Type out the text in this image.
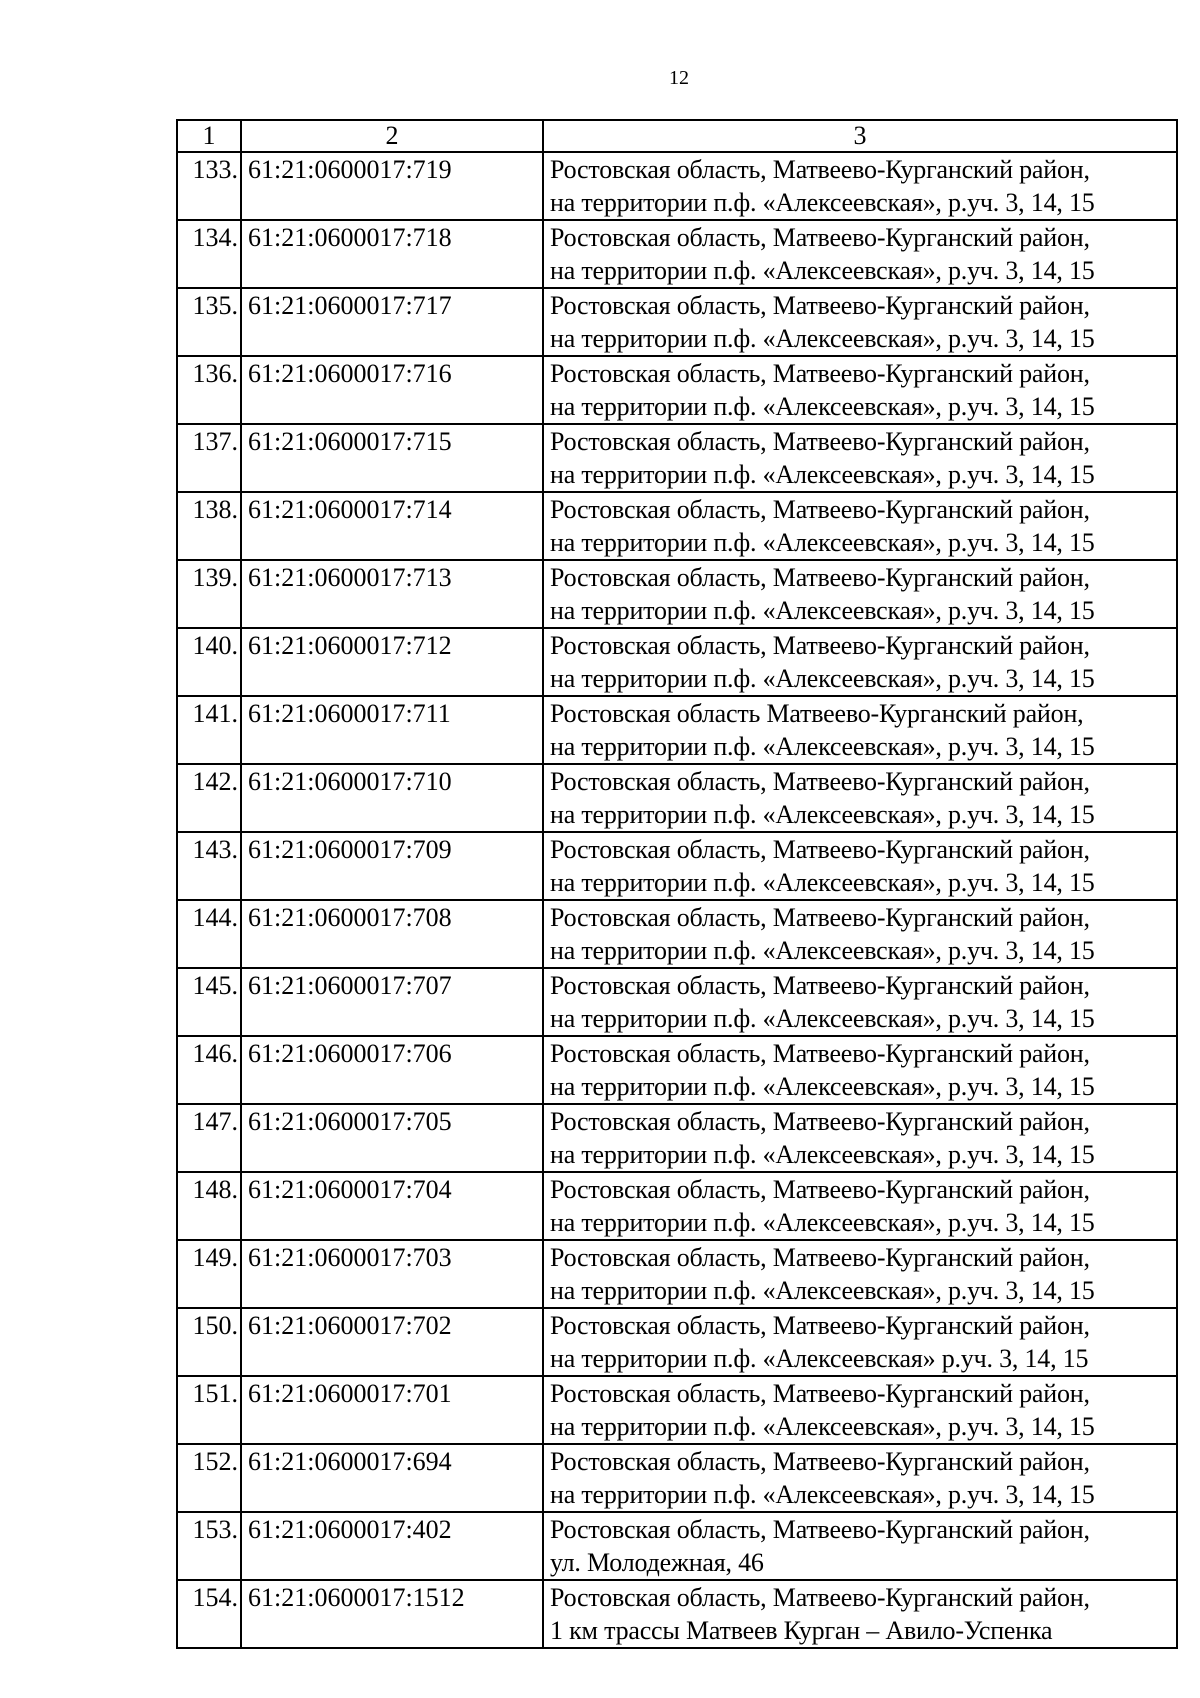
12
1	2	3
133.	61:21:0600017:719	Ростовская область, Матвеево-Курганский район,
на территории п.ф. «Алексеевская», р.уч. 3, 14, 15

134.	61:21:0600017:718	Ростовская область, Матвеево-Курганский район,
на территории п.ф. «Алексеевская», р.уч. 3, 14, 15

135.	61:21:0600017:717	Ростовская область, Матвеево-Курганский район,
на территории п.ф. «Алексеевская», р.уч. 3, 14, 15

136.	61:21:0600017:716	Ростовская область, Матвеево-Курганский район,
на территории п.ф. «Алексеевская», р.уч. 3, 14, 15

137.	61:21:0600017:715	Ростовская область, Матвеево-Курганский район,
на территории п.ф. «Алексеевская», р.уч. 3, 14, 15

138.	61:21:0600017:714	Ростовская область, Матвеево-Курганский район,
на территории п.ф. «Алексеевская», р.уч. 3, 14, 15

139.	61:21:0600017:713	Ростовская область, Матвеево-Курганский район,
на территории п.ф. «Алексеевская», р.уч. 3, 14, 15

140.	61:21:0600017:712	Ростовская область, Матвеево-Курганский район,
на территории п.ф. «Алексеевская», р.уч. 3, 14, 15

141.	61:21:0600017:711	Ростовская область Матвеево-Курганский район,
на территории п.ф. «Алексеевская», р.уч. 3, 14, 15

142.	61:21:0600017:710	Ростовская область, Матвеево-Курганский район,
на территории п.ф. «Алексеевская», р.уч. 3, 14, 15

143.	61:21:0600017:709	Ростовская область, Матвеево-Курганский район,
на территории п.ф. «Алексеевская», р.уч. 3, 14, 15

144.	61:21:0600017:708	Ростовская область, Матвеево-Курганский район,
на территории п.ф. «Алексеевская», р.уч. 3, 14, 15

145.	61:21:0600017:707	Ростовская область, Матвеево-Курганский район,
на территории п.ф. «Алексеевская», р.уч. 3, 14, 15

146.	61:21:0600017:706	Ростовская область, Матвеево-Курганский район,
на территории п.ф. «Алексеевская», р.уч. 3, 14, 15

147.	61:21:0600017:705	Ростовская область, Матвеево-Курганский район,
на территории п.ф. «Алексеевская», р.уч. 3, 14, 15

148.	61:21:0600017:704	Ростовская область, Матвеево-Курганский район,
на территории п.ф. «Алексеевская», р.уч. 3, 14, 15

149.	61:21:0600017:703	Ростовская область, Матвеево-Курганский район,
на территории п.ф. «Алексеевская», р.уч. 3, 14, 15

150.	61:21:0600017:702	Ростовская область, Матвеево-Курганский район,
на территории п.ф. «Алексеевская» р.уч. 3, 14, 15

151.	61:21:0600017:701	Ростовская область, Матвеево-Курганский район,
на территории п.ф. «Алексеевская», р.уч. 3, 14, 15

152.	61:21:0600017:694	Ростовская область, Матвеево-Курганский район,
на территории п.ф. «Алексеевская», р.уч. 3, 14, 15

153.	61:21:0600017:402	Ростовская область, Матвеево-Курганский район,
ул. Молодежная, 46

154.	61:21:0600017:1512	Ростовская область, Матвеево-Курганский район,
1 км трассы Матвеев Курган – Авило-Успенка
